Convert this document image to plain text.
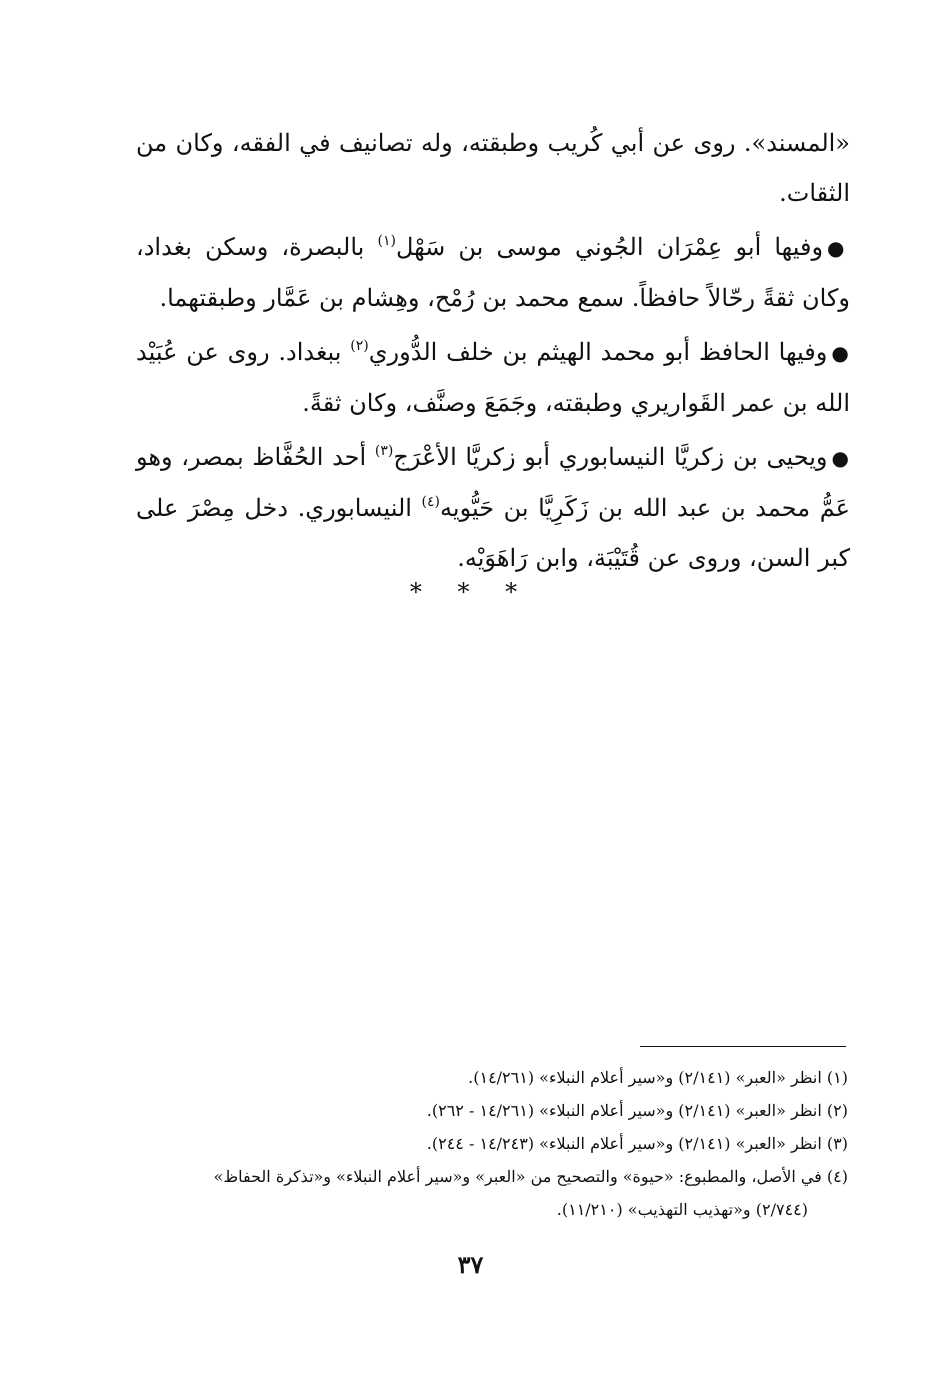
«المسند». روى عن أبي كُريب وطبقته، وله تصانيف في الفقه، وكان من الثقات.

●وفيها أبو عِمْرَان الجُوني موسى بن سَهْل$^{(١)}$ بالبصرة، وسكن بغداد، وكان ثقةً رحّالاً حافظاً. سمع محمد بن رُمْح، وهِشام بن عَمَّار وطبقتهما.

●وفيها الحافظ أبو محمد الهيثم بن خلف الدُّوري$^{(٢)}$ ببغداد. روى عن عُبَيْد الله بن عمر القَواريري وطبقته، وجَمَعَ وصنَّف، وكان ثقةً.

●ويحيى بن زكريَّا النيسابوري أبو زكريَّا الأعْرَج$^{(٣)}$ أحد الحُفَّاظ بمصر، وهو عَمُّ محمد بن عبد الله بن زَكَرِيَّا بن حَيُّويه$^{(٤)}$ النيسابوري. دخل مِصْرَ على كبر السن، وروى عن قُتَيْبَة، وابن رَاهَوَيْه.

* * *

(١) انظر «العبر» (٢/١٤١) و«سير أعلام النبلاء» (١٤/٢٦١).

(٢) انظر «العبر» (٢/١٤١) و«سير أعلام النبلاء» (١٤/٢٦١ - ٢٦٢).

(٣) انظر «العبر» (٢/١٤١) و«سير أعلام النبلاء» (١٤/٢٤٣ - ٢٤٤).

(٤) في الأصل، والمطبوع: «حيوة» والتصحيح من «العبر» و«سير أعلام النبلاء» و«تذكرة الحفاظ»

(٢/٧٤٤) و«تهذيب التهذيب» (١١/٢١٠).

٣٧
